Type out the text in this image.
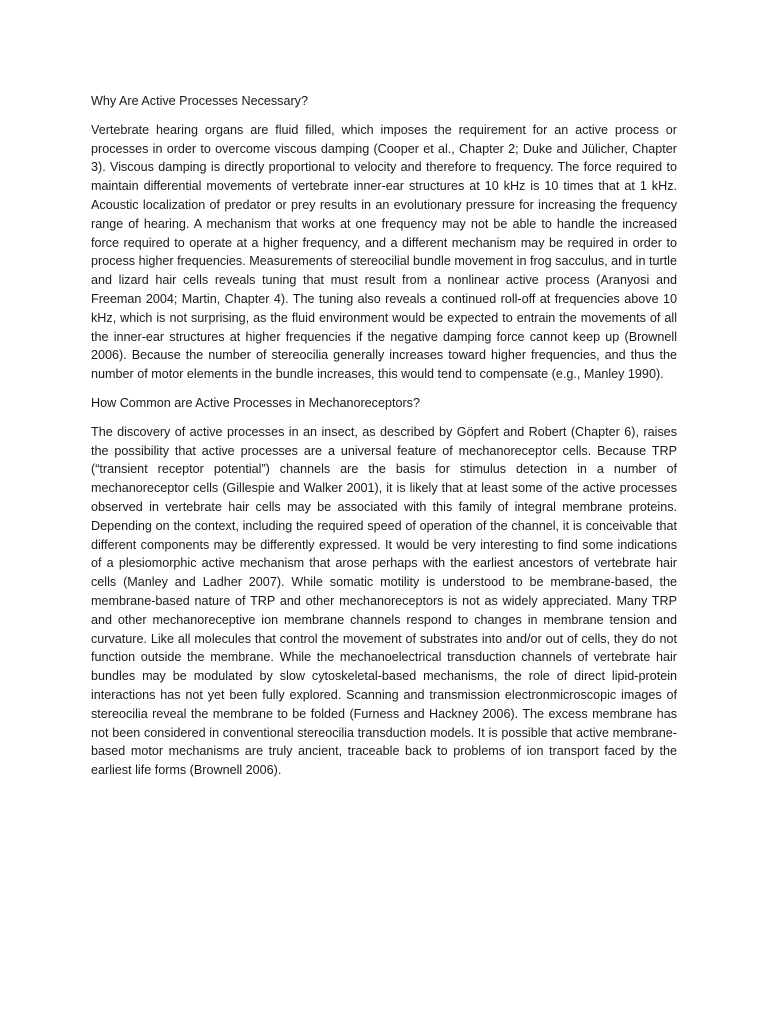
Why Are Active Processes Necessary?

Vertebrate hearing organs are fluid filled, which imposes the requirement for an active process or processes in order to overcome viscous damping (Cooper et al., Chapter 2; Duke and Jülicher, Chapter 3). Viscous damping is directly proportional to velocity and therefore to frequency. The force required to maintain differential movements of vertebrate inner-ear structures at 10 kHz is 10 times that at 1 kHz. Acoustic localization of predator or prey results in an evolutionary pressure for increasing the frequency range of hearing. A mechanism that works at one frequency may not be able to handle the increased force required to operate at a higher frequency, and a different mechanism may be required in order to process higher frequencies. Measurements of stereocilial bundle movement in frog sacculus, and in turtle and lizard hair cells reveals tuning that must result from a nonlinear active process (Aranyosi and Freeman 2004; Martin, Chapter 4). The tuning also reveals a continued roll-off at frequencies above 10 kHz, which is not surprising, as the fluid environment would be expected to entrain the movements of all the inner-ear structures at higher frequencies if the negative damping force cannot keep up (Brownell 2006). Because the number of stereocilia generally increases toward higher frequencies, and thus the number of motor elements in the bundle increases, this would tend to compensate (e.g., Manley 1990).

How Common are Active Processes in Mechanoreceptors?

The discovery of active processes in an insect, as described by Göpfert and Robert (Chapter 6), raises the possibility that active processes are a universal feature of mechanoreceptor cells. Because TRP (“transient receptor potential”) channels are the basis for stimulus detection in a number of mechanoreceptor cells (Gillespie and Walker 2001), it is likely that at least some of the active processes observed in vertebrate hair cells may be associated with this family of integral membrane proteins. Depending on the context, including the required speed of operation of the channel, it is conceivable that different components may be differently expressed. It would be very interesting to find some indications of a plesiomorphic active mechanism that arose perhaps with the earliest ancestors of vertebrate hair cells (Manley and Ladher 2007). While somatic motility is understood to be membrane-based, the membrane-based nature of TRP and other mechanoreceptors is not as widely appreciated. Many TRP and other mechanoreceptive ion membrane channels respond to changes in membrane tension and curvature. Like all molecules that control the movement of substrates into and/or out of cells, they do not function outside the membrane. While the mechanoelectrical transduction channels of vertebrate hair bundles may be modulated by slow cytoskeletal-based mechanisms, the role of direct lipid-protein interactions has not yet been fully explored. Scanning and transmission electronmicroscopic images of stereocilia reveal the membrane to be folded (Furness and Hackney 2006). The excess membrane has not been considered in conventional stereocilia transduction models. It is possible that active membrane-based motor mechanisms are truly ancient, traceable back to problems of ion transport faced by the earliest life forms (Brownell 2006).
